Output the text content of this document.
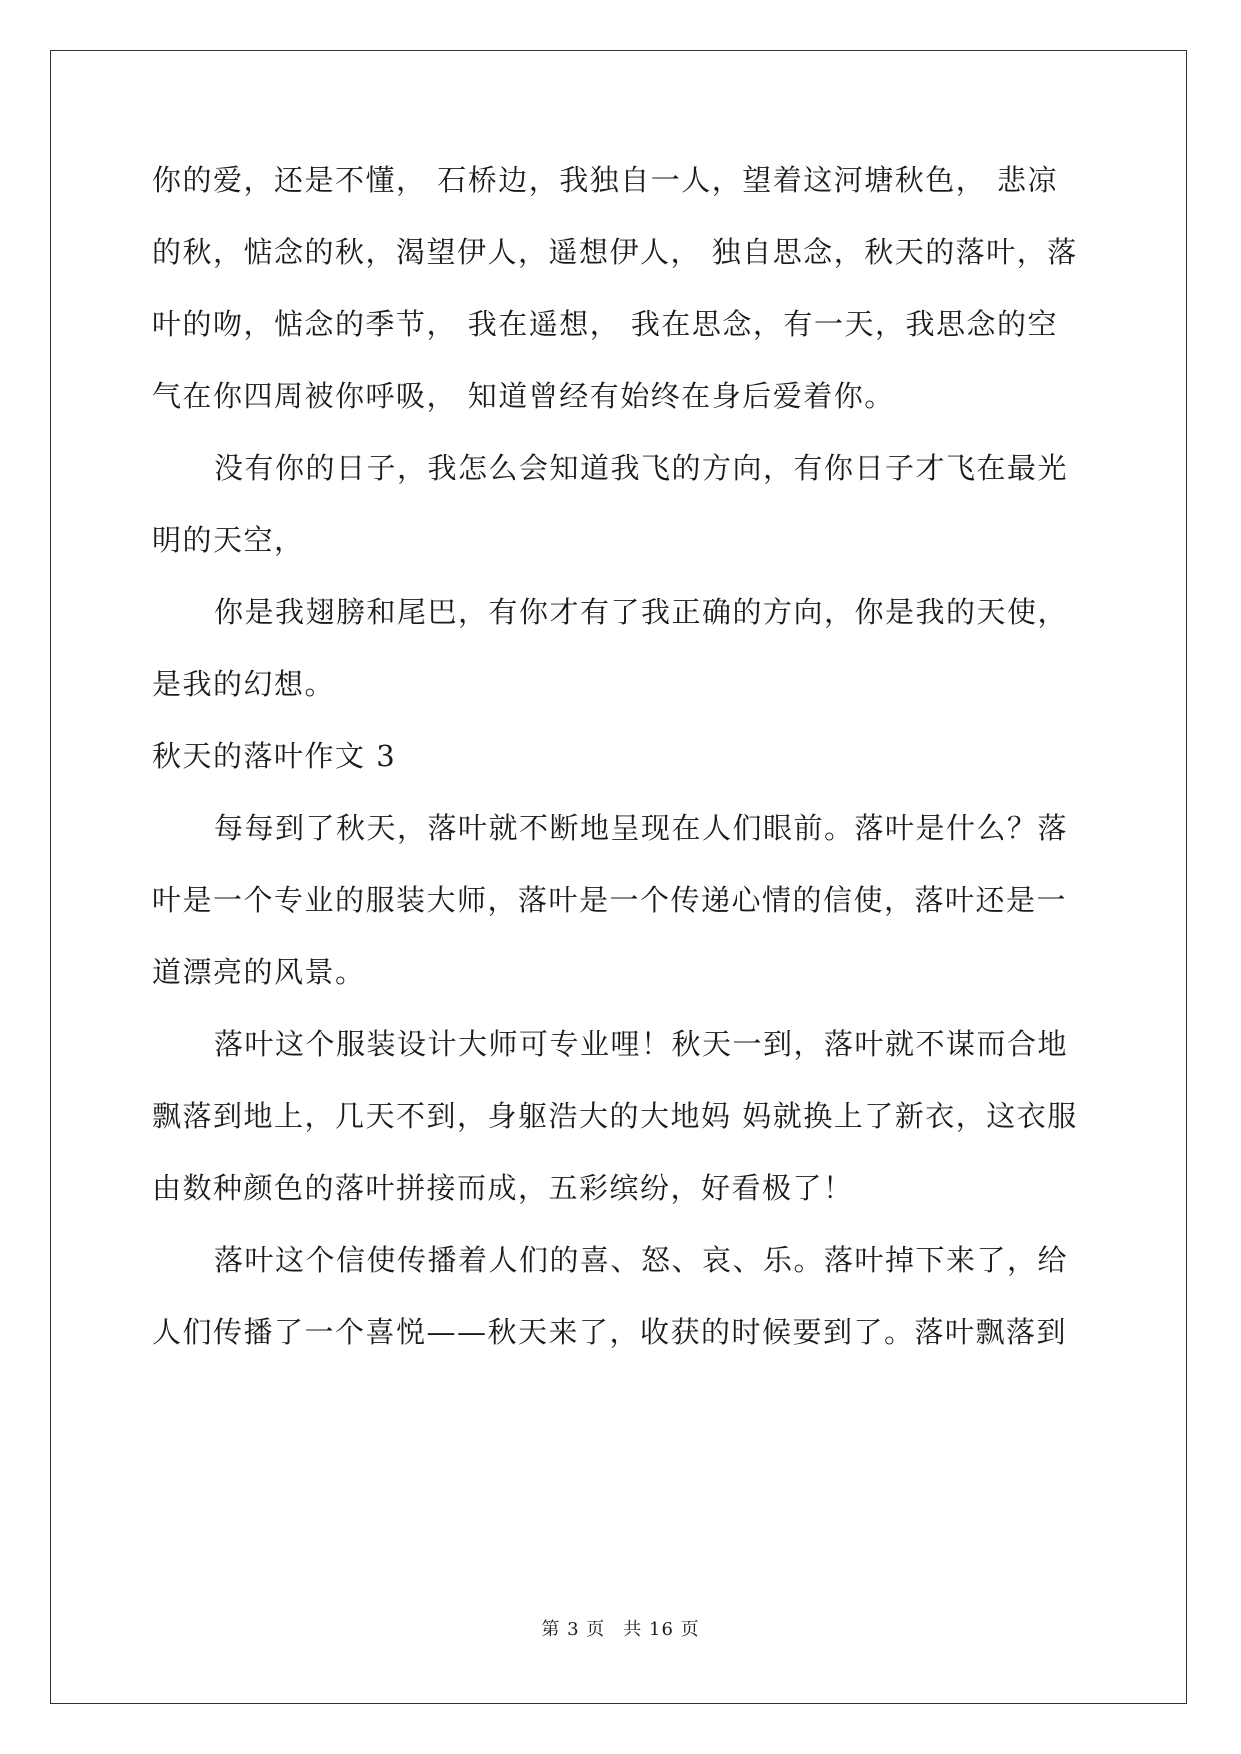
你的爱，还是不懂， 石桥边，我独自一人，望着这河塘秋色， 悲凉
的秋，惦念的秋，渴望伊人，遥想伊人， 独自思念，秋天的落叶，落
叶的吻，惦念的季节， 我在遥想， 我在思念，有一天，我思念的空
气在你四周被你呼吸， 知道曾经有始终在身后爱着你。
没有你的日子，我怎么会知道我飞的方向，有你日子才飞在最光
明的天空，
你是我翅膀和尾巴，有你才有了我正确的方向，你是我的天使，
是我的幻想。
秋天的落叶作文 3
每每到了秋天，落叶就不断地呈现在人们眼前。落叶是什么？落
叶是一个专业的服装大师，落叶是一个传递心情的信使，落叶还是一
道漂亮的风景。
落叶这个服装设计大师可专业哩！秋天一到，落叶就不谋而合地
飘落到地上，几天不到，身躯浩大的大地妈 妈就换上了新衣，这衣服
由数种颜色的落叶拼接而成，五彩缤纷，好看极了！
落叶这个信使传播着人们的喜、怒、哀、乐。落叶掉下来了，给
人们传播了一个喜悦——秋天来了，收获的时候要到了。落叶飘落到
第 3 页 共 16 页
